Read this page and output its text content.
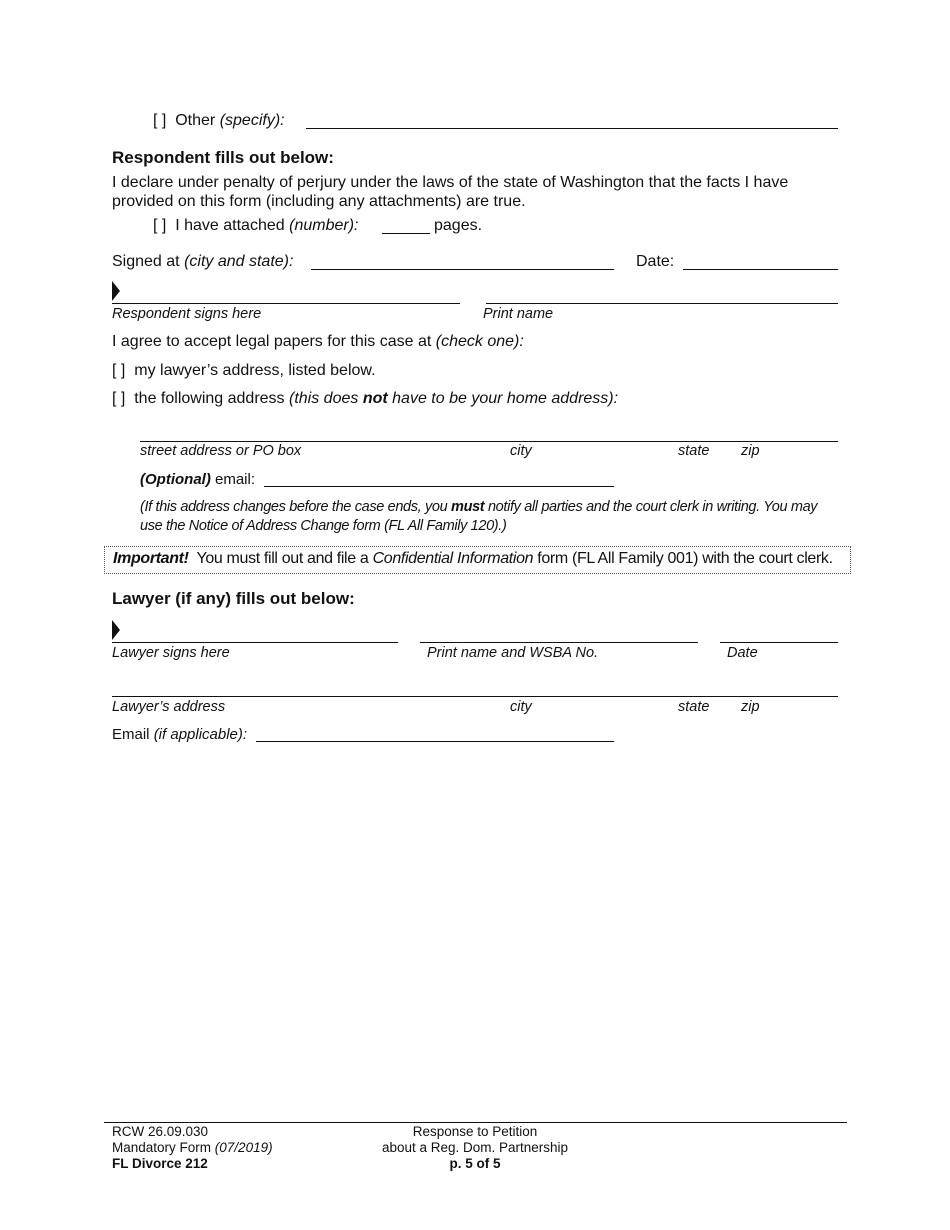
[ ] Other (specify):
Respondent fills out below:
I declare under penalty of perjury under the laws of the state of Washington that the facts I have
provided on this form (including any attachments) are true.
[ ] I have attached (number):	pages.
Signed at (city and state):	Date:
Respondent signs here	Print name
I agree to accept legal papers for this case at (check one):
[ ] my lawyer’s address, listed below.
[ ] the following address (this does not have to be your home address):
street address or PO box	city	state zip
(Optional) email:
(If this address changes before the case ends, you must notify all parties and the court clerk in writing. You may
use the Notice of Address Change form (FL All Family 120).)
Important! You must fill out and file a Confidential Information form (FL All Family 001) with the court clerk.
Lawyer (if any) fills out below:
Lawyer signs here	Print name and WSBA No.	Date
Lawyer’s address	city	state zip
Email (if applicable):
RCW 26.09.030
Mandatory Form (07/2019)
FL Divorce 212
Response to Petition
about a Reg. Dom. Partnership
p. 5 of 5
